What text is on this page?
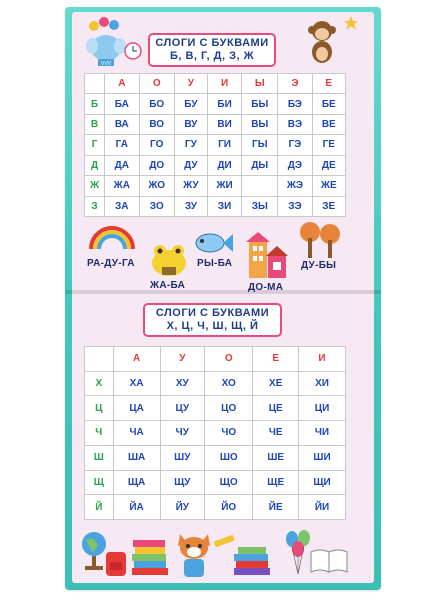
VVV
СЛОГИ С БУКВАМИ
Б, В, Г, Д, З, Ж
	А	О	У	И	Ы	Э	Е
Б	БА	БО	БУ	БИ	БЫ	БЭ	БЕ
В	ВА	ВО	ВУ	ВИ	ВЫ	ВЭ	ВЕ
Г	ГА	ГО	ГУ	ГИ	ГЫ	ГЭ	ГЕ
Д	ДА	ДО	ДУ	ДИ	ДЫ	ДЭ	ДЕ
Ж	ЖА	ЖО	ЖУ	ЖИ		ЖЭ	ЖЕ
З	ЗА	ЗО	ЗУ	ЗИ	ЗЫ	ЗЭ	ЗЕ
РА-ДУ-ГА
ЖА-БА
РЫ-БА
ДО-МА
ДУ-БЫ
СЛОГИ С БУКВАМИ
Х, Ц, Ч, Ш, Щ, Й
	А	У	О	Е	И
Х	ХА	ХУ	ХО	ХЕ	ХИ
Ц	ЦА	ЦУ	ЦО	ЦЕ	ЦИ
Ч	ЧА	ЧУ	ЧО	ЧЕ	ЧИ
Ш	ША	ШУ	ШО	ШЕ	ШИ
Щ	ЩА	ЩУ	ЩО	ЩЕ	ЩИ
Й	ЙА	ЙУ	ЙО	ЙЕ	ЙИ
